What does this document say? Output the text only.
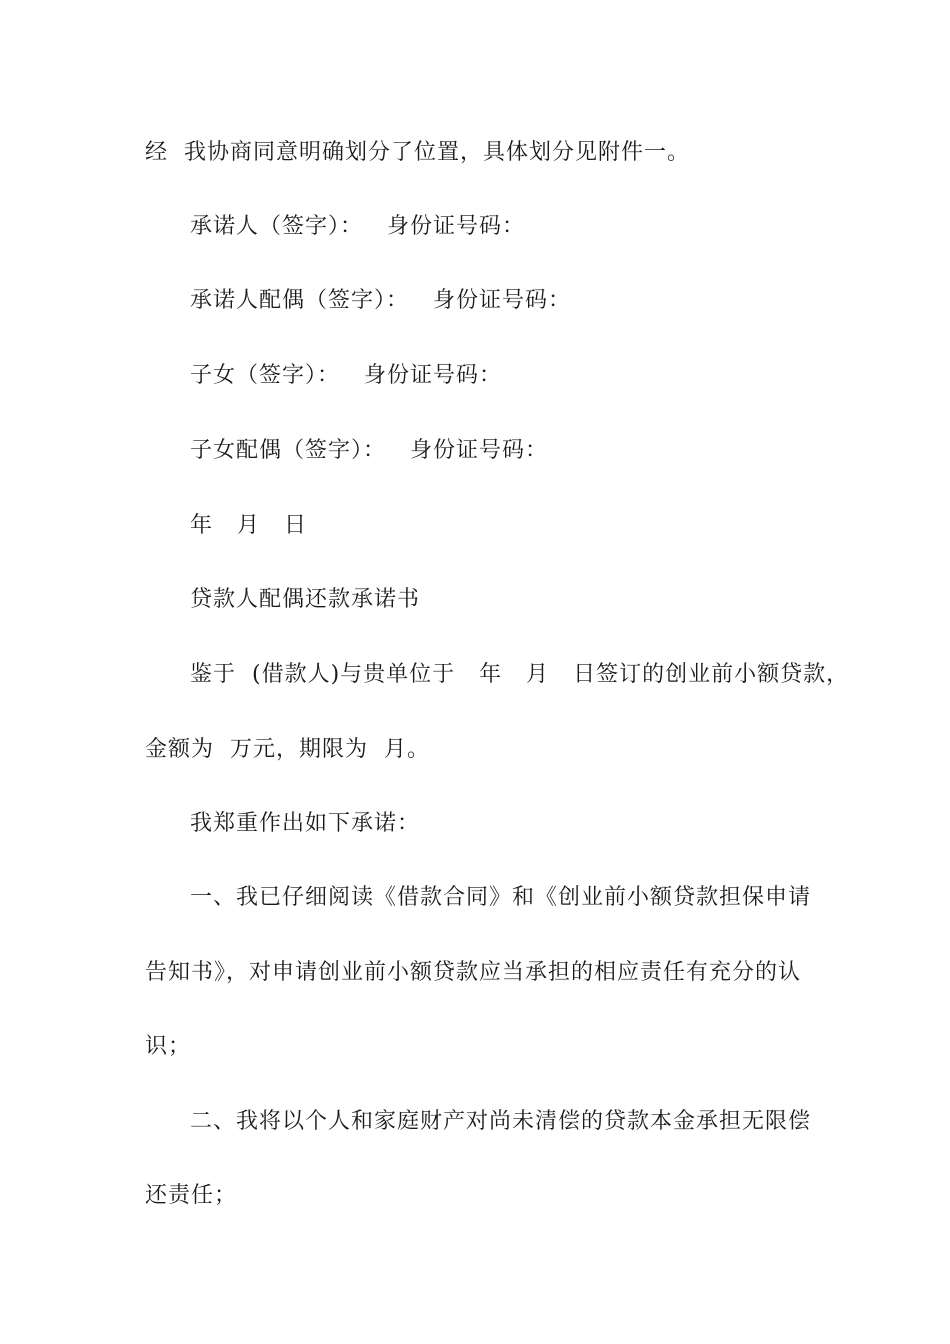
经  我协商同意明确划分了位置，具体划分见附件一。
承诺人（签字）：   身份证号码：
承诺人配偶（签字）：   身份证号码：
子女（签字）：   身份证号码：
子女配偶（签字）：   身份证号码：
年   月   日
贷款人配偶还款承诺书
鉴于  (借款人)与贵单位于   年   月   日签订的创业前小额贷款，
金额为  万元，期限为  月。
我郑重作出如下承诺：
一、我已仔细阅读《借款合同》和《创业前小额贷款担保申请
告知书》，对申请创业前小额贷款应当承担的相应责任有充分的认
识；
二、我将以个人和家庭财产对尚未清偿的贷款本金承担无限偿
还责任；
